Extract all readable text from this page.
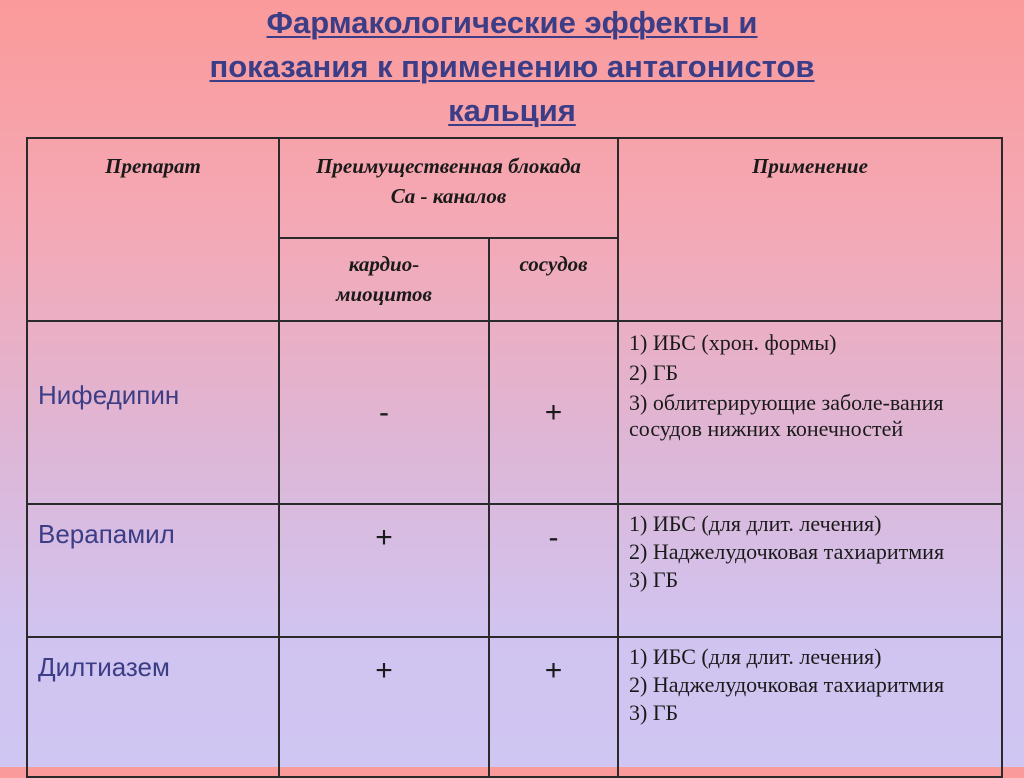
Фармакологические эффекты и
показания к применению антагонистов
кальция
Препарат	Преимущественная блокада Ca - каналов		Применение
	кардио-миоцитов	сосудов	
Нифедипин	-	+	1) ИБС (хрон. формы)
2) ГБ
3) облитерирующие заболе-вания сосудов нижних конечностей

Верапамил	+	-	1) ИБС (для длит. лечения)
2) Наджелудочковая тахиаритмия
3) ГБ

Дилтиазем	+	+	1) ИБС (для длит. лечения)
2) Наджелудочковая тахиаритмия
3) ГБ
